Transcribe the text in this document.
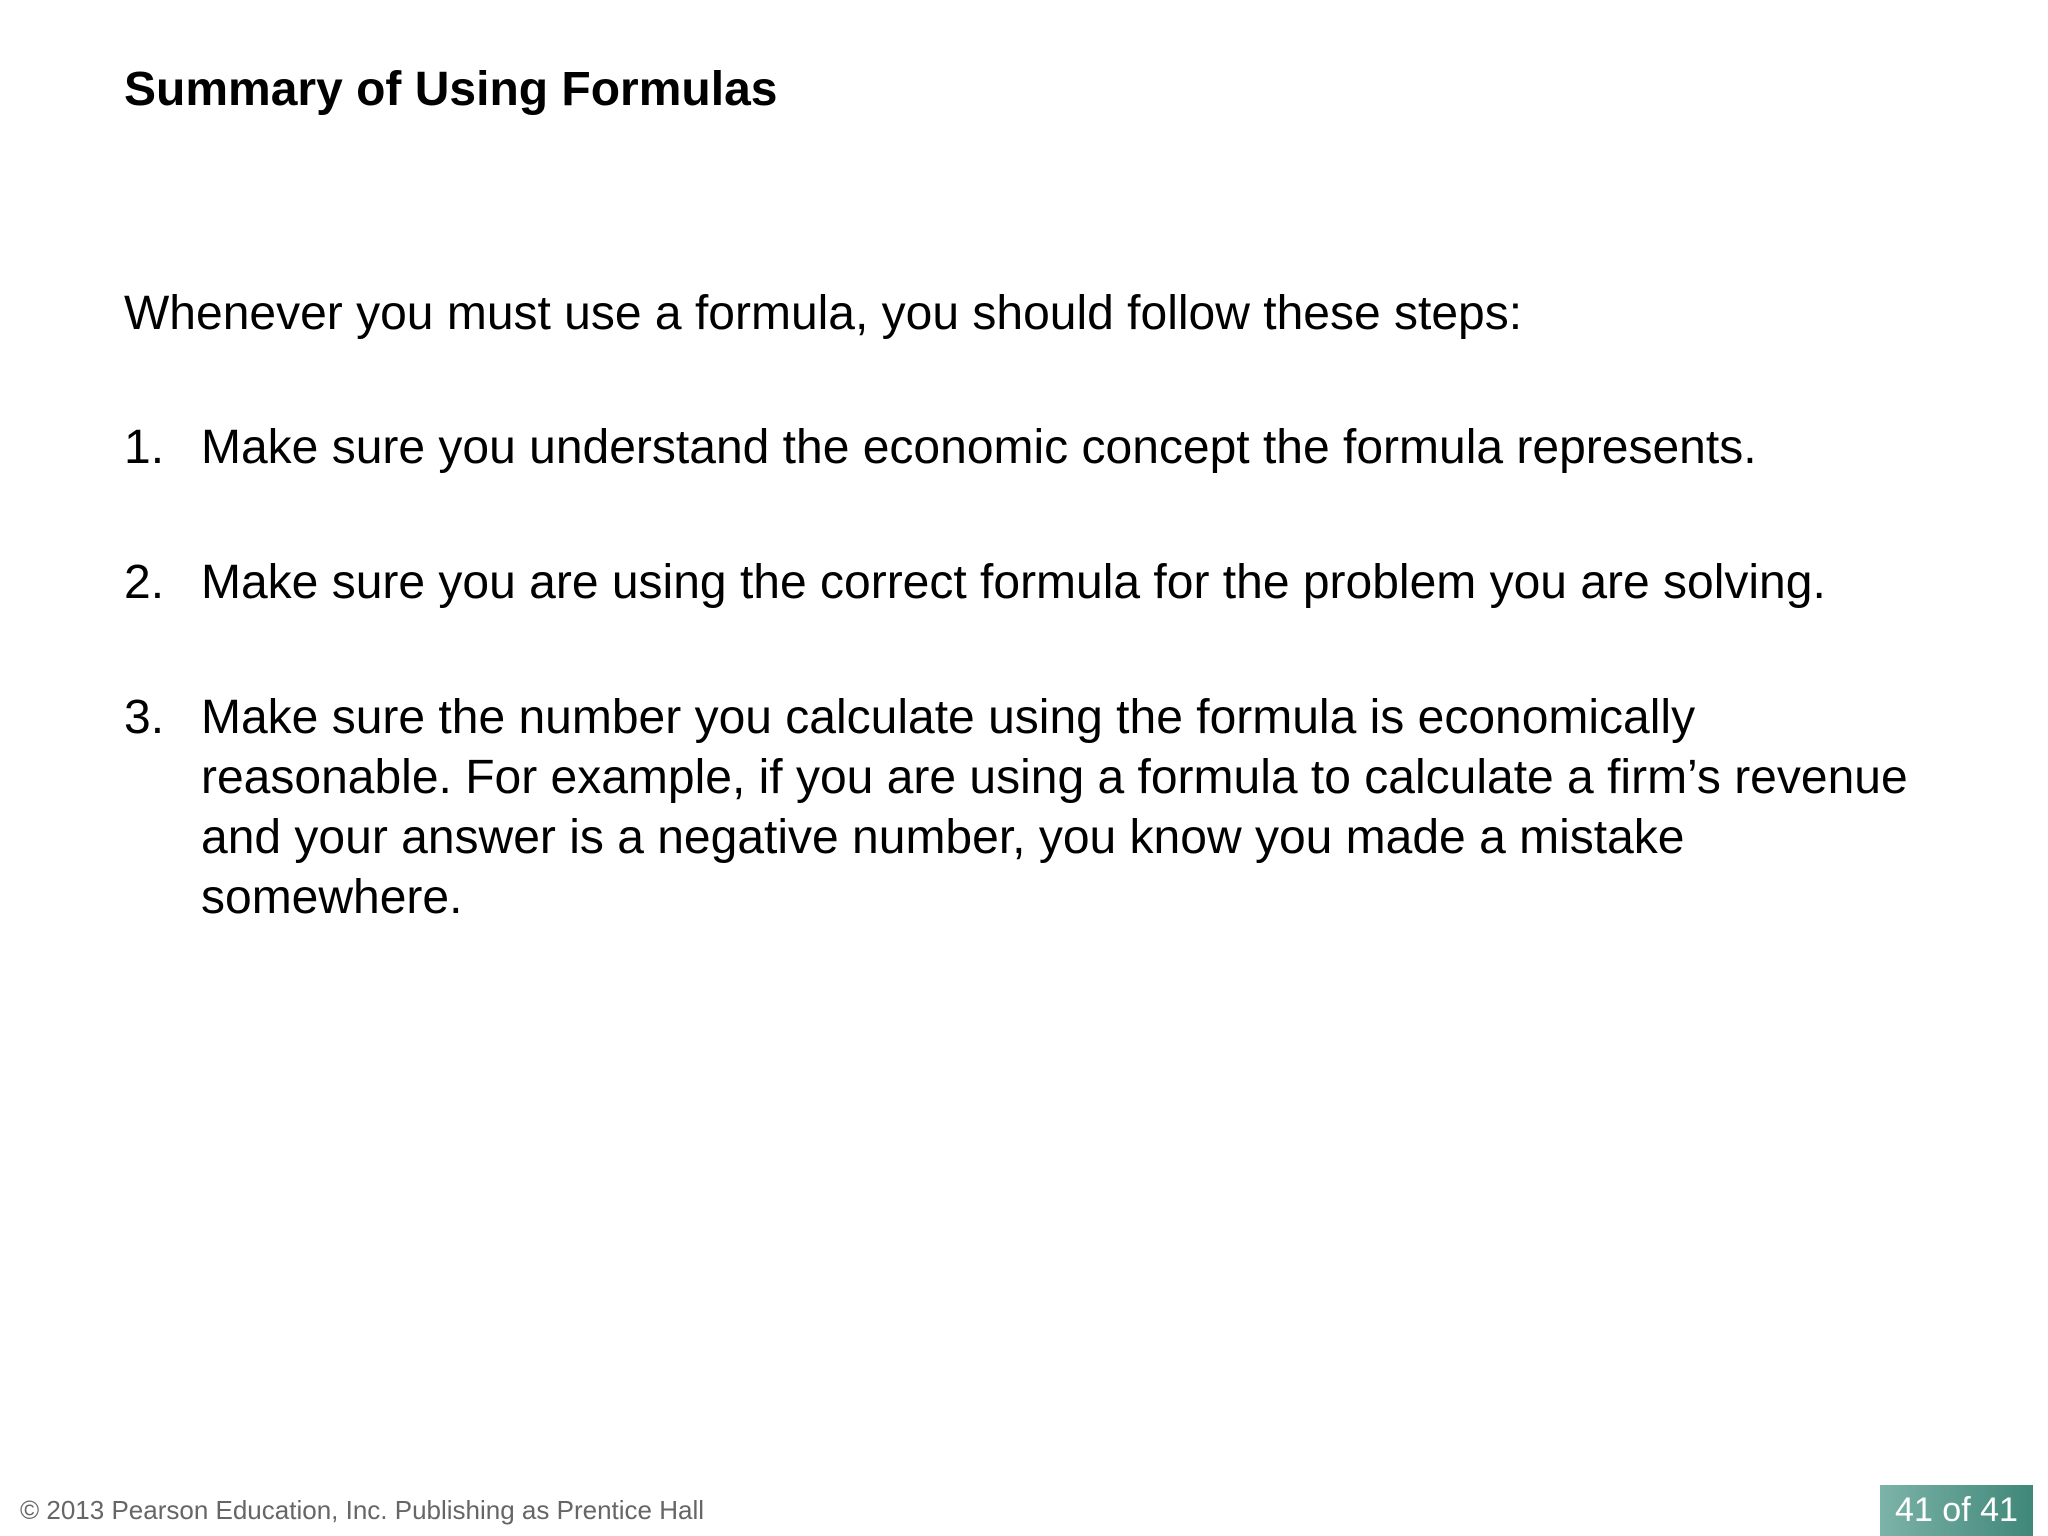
Summary of Using Formulas
Whenever you must use a formula, you should follow these steps:
1. Make sure you understand the economic concept the formula represents.
2. Make sure you are using the correct formula for the problem you are solving.
3. Make sure the number you calculate using the formula is economically reasonable. For example, if you are using a formula to calculate a firm’s revenue and your answer is a negative number, you know you made a mistake somewhere.
© 2013 Pearson Education, Inc. Publishing as Prentice Hall	41 of 41
